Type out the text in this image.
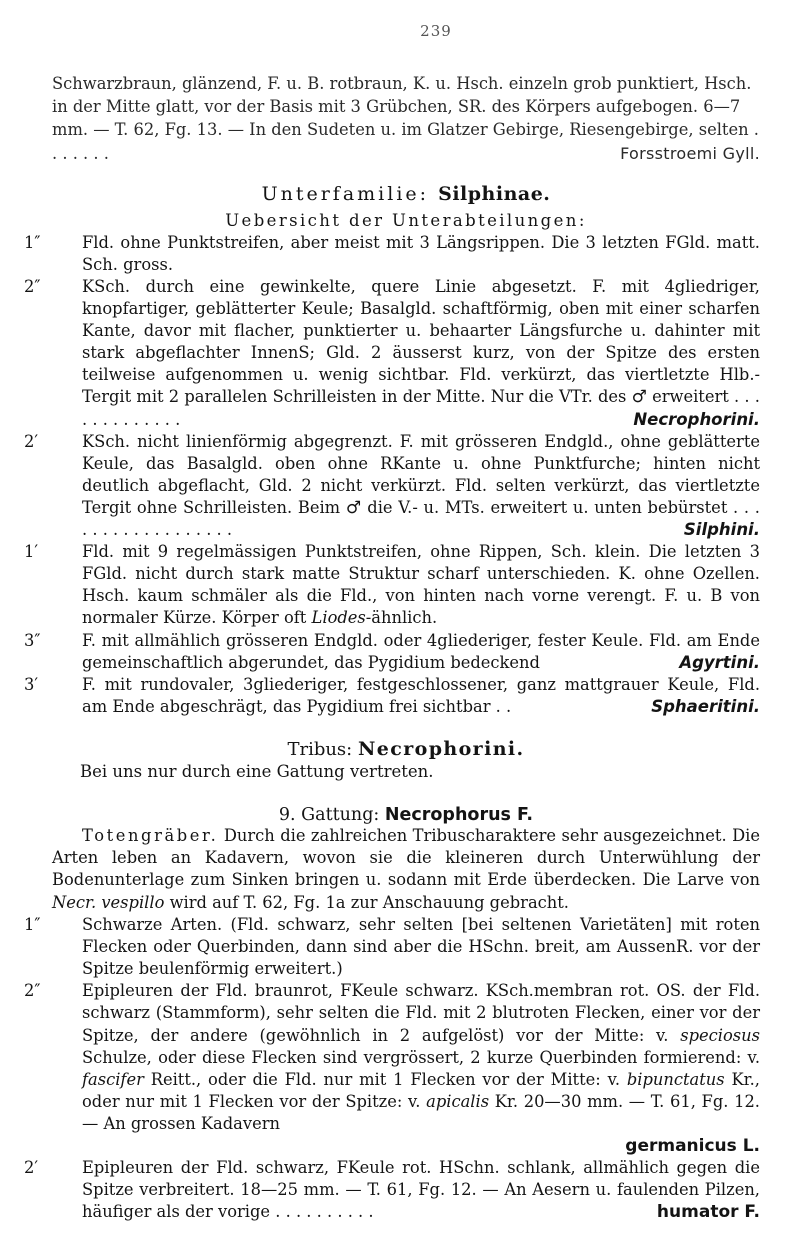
239

Schwarzbraun, glänzend, F. u. B. rotbraun, K. u. Hsch. einzeln grob punktiert, Hsch. in der Mitte glatt, vor der Basis mit 3 Grübchen, SR. des Körpers aufgebogen. 6—7 mm. — T. 62, Fg. 13. — In den Sudeten u. im Glatzer Gebirge, Riesengebirge, selten . . . . . . .	Forsstroemi Gyll.

Unterfamilie: Silphinae.
Uebersicht der Unterabteilungen:
1″	Fld. ohne Punktstreifen, aber meist mit 3 Längsrippen. Die 3 letzten FGld. matt. Sch. gross.
2″	KSch. durch eine gewinkelte, quere Linie abgesetzt. F. mit 4gliedriger, knopfartiger, geblätterter Keule; Basalgld. schaftförmig, oben mit einer scharfen Kante, davor mit flacher, punktierter u. behaarter Längsfurche u. dahinter mit stark abgeflachter InnenS; Gld. 2 äusserst kurz, von der Spitze des ersten teilweise aufgenommen u. wenig sichtbar. Fld. verkürzt, das viertletzte Hlb.-Tergit mit 2 parallelen Schrilleisten in der Mitte. Nur die VTr. des ♂ erweitert . . . . . . . . . . . . .	Necrophorini.
2′	KSch. nicht linienförmig abgegrenzt. F. mit grösseren Endgld., ohne geblätterte Keule, das Basalgld. oben ohne RKante u. ohne Punktfurche; hinten nicht deutlich abgeflacht, Gld. 2 nicht verkürzt. Fld. selten verkürzt, das viertletzte Tergit ohne Schrilleisten. Beim ♂ die V.- u. MTs. erweitert u. unten bebürstet . . . . . . . . . . . . . . . . . .	Silphini.
1′	Fld. mit 9 regelmässigen Punktstreifen, ohne Rippen, Sch. klein. Die letzten 3 FGld. nicht durch stark matte Struktur scharf unterschieden. K. ohne Ozellen. Hsch. kaum schmäler als die Fld., von hinten nach vorne verengt. F. u. B von normaler Kürze. Körper oft Liodes-ähnlich.
3″	F. mit allmählich grösseren Endgld. oder 4gliederiger, fester Keule. Fld. am Ende gemeinschaftlich abgerundet, das Pygidium bedeckend	Agyrtini.
3′	F. mit rundovaler, 3gliederiger, festgeschlossener, ganz mattgrauer Keule, Fld. am Ende abgeschrägt, das Pygidium frei sichtbar . .	Sphaeritini.
Tribus: Necrophorini.
Bei uns nur durch eine Gattung vertreten.
9. Gattung: Necrophorus F.

Totengräber. Durch die zahlreichen Tribuscharaktere sehr ausgezeichnet. Die Arten leben an Kadavern, wovon sie die kleineren durch Unterwühlung der Bodenunterlage zum Sinken bringen u. sodann mit Erde überdecken. Die Larve von Necr. vespillo wird auf T. 62, Fg. 1a zur Anschauung gebracht.

1″	Schwarze Arten. (Fld. schwarz, sehr selten [bei seltenen Varietäten] mit roten Flecken oder Querbinden, dann sind aber die HSchn. breit, am AussenR. vor der Spitze beulenförmig erweitert.)
2″	Epipleuren der Fld. braunrot, FKeule schwarz. KSch.membran rot. OS. der Fld. schwarz (Stammform), sehr selten die Fld. mit 2 blutroten Flecken, einer vor der Spitze, der andere (gewöhnlich in 2 aufgelöst) vor der Mitte: v. speciosus Schulze, oder diese Flecken sind vergrössert, 2 kurze Querbinden formierend: v. fascifer Reitt., oder die Fld. nur mit 1 Flecken vor der Mitte: v. bipunctatus Kr., oder nur mit 1 Flecken vor der Spitze: v. apicalis Kr. 20—30 mm. — T. 61, Fg. 12. — An grossen Kadavern
germanicus L.
2′	Epipleuren der Fld. schwarz, FKeule rot. HSchn. schlank, allmählich gegen die Spitze verbreitert. 18—25 mm. — T. 61, Fg. 12. — An Aesern u. faulenden Pilzen, häufiger als der vorige . . . . . . . . . .	humator F.
